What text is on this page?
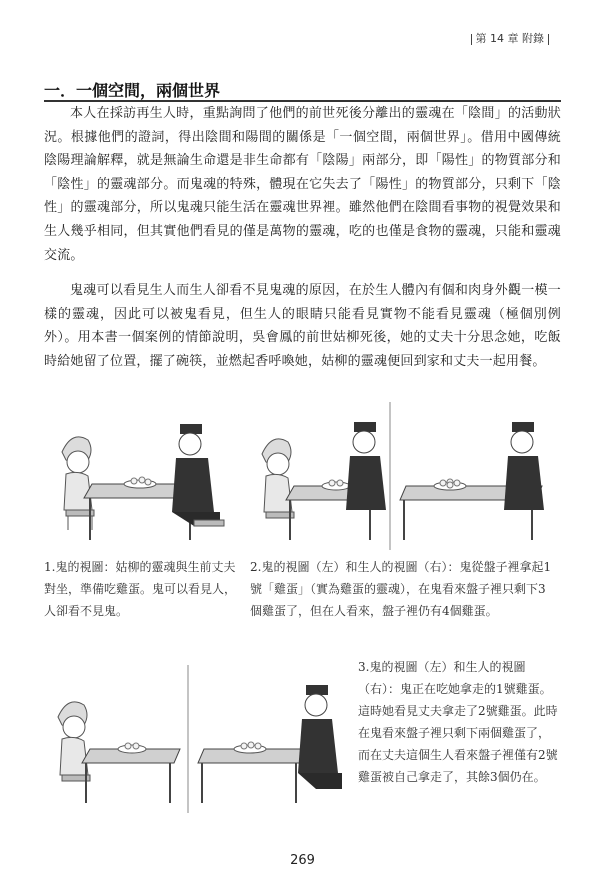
第 14 章 附錄
一．一個空間，兩個世界
本人在採訪再生人時，重點詢問了他們的前世死後分離出的靈魂在「陰間」的活動狀況。根據他們的證詞，得出陰間和陽間的關係是「一個空間，兩個世界」。借用中國傳統陰陽理論解釋，就是無論生命還是非生命都有「陰陽」兩部分，即「陽性」的物質部分和「陰性」的靈魂部分。而鬼魂的特殊，體現在它失去了「陽性」的物質部分，只剩下「陰性」的靈魂部分，所以鬼魂只能生活在靈魂世界裡。雖然他們在陰間看事物的視覺效果和生人幾乎相同，但其實他們看見的僅是萬物的靈魂，吃的也僅是食物的靈魂，只能和靈魂交流。
鬼魂可以看見生人而生人卻看不見鬼魂的原因，在於生人體內有個和肉身外觀一模一樣的靈魂，因此可以被鬼看見，但生人的眼睛只能看見實物不能看見靈魂（極個別例外）。用本書一個案例的情節說明，吳會鳳的前世姑柳死後，她的丈夫十分思念她，吃飯時給她留了位置，擺了碗筷，並燃起香呼喚她，姑柳的靈魂便回到家和丈夫一起用餐。
1.鬼的視圖：姑柳的靈魂與生前丈夫對坐，準備吃雞蛋。鬼可以看見人，人卻看不見鬼。
2.鬼的視圖（左）和生人的視圖（右）：鬼從盤子裡拿起1號「雞蛋」（實為雞蛋的靈魂），在鬼看來盤子裡只剩下3個雞蛋了，但在人看來，盤子裡仍有4個雞蛋。
3.鬼的視圖（左）和生人的視圖（右）：鬼正在吃她拿走的1號雞蛋。這時她看見丈夫拿走了2號雞蛋。此時在鬼看來盤子裡只剩下兩個雞蛋了，而在丈夫這個生人看來盤子裡僅有2號雞蛋被自己拿走了，其餘3個仍在。
269
